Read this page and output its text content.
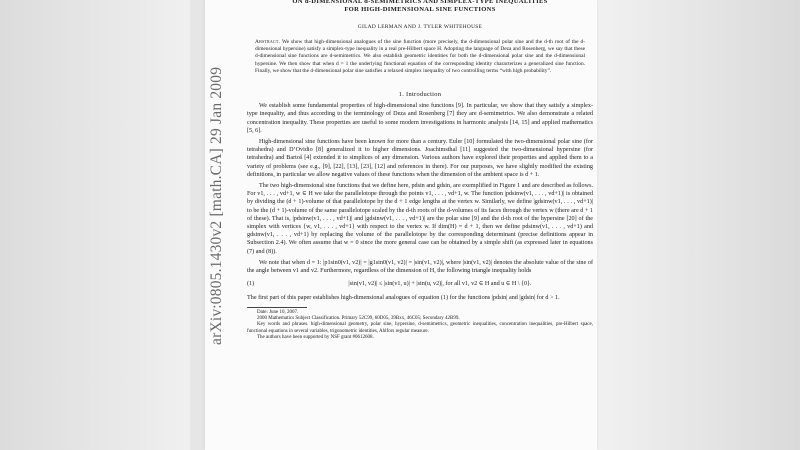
ON d-DIMENSIONAL d-SEMIMETRICS AND SIMPLEX-TYPE INEQUALITIES
FOR HIGH-DIMENSIONAL SINE FUNCTIONS
GILAD LERMAN AND J. TYLER WHITEHOUSE
Abstract. We show that high-dimensional analogues of the sine function (more precisely, the d-dimensional polar sine and the d-th root of the d-dimensional hypersine) satisfy a simplex-type inequality in a real pre-Hilbert space H. Adopting the language of Deza and Rosenberg, we say that these d-dimensional sine functions are d-semimetrics. We also establish geometric identities for both the d-dimensional polar sine and the d-dimensional hypersine. We then show that when d = 1 the underlying functional equation of the corresponding identity characterizes a generalized sine function. Finally, we show that the d-dimensional polar sine satisfies a relaxed simplex inequality of two controlling terms “with high probability”.
1. Introduction

We establish some fundamental properties of high-dimensional sine functions [9]. In particular, we show that they satisfy a simplex-type inequality, and thus according to the terminology of Deza and Rosenberg [7] they are d-semimetrics. We also demonstrate a related concentration inequality. These properties are useful to some modern investigations in harmonic analysis [14, 15] and applied mathematics [5, 6].

High-dimensional sine functions have been known for more than a century. Euler [10] formulated the two-dimensional polar sine (for tetrahedra) and D’Ovidio [8] generalized it to higher dimensions. Joachimsthal [11] suggested the two-dimensional hypersine (for tetrahedra) and Bartoš [4] extended it to simplices of any dimension. Various authors have explored their properties and applied them to a variety of problems (see e.g., [9], [22], [13], [23], [12] and references in there). For our purposes, we have slightly modified the existing definitions, in particular we allow negative values of these functions when the dimension of the ambient space is d + 1.

The two high-dimensional sine functions that we define here, pdsin and gdsin, are exemplified in Figure 1 and are described as follows. For v1, . . . , vd+1, w ∈ H we take the parallelotope through the points v1, . . . , vd+1, w. The function |pdsinw(v1, . . . , vd+1)| is obtained by dividing the (d + 1)-volume of that parallelotope by the d + 1 edge lengths at the vertex w. Similarly, we define |gdsinw(v1, . . . , vd+1)| to be the (d + 1)-volume of the same parallelotope scaled by the d-th roots of the d-volumes of its faces through the vertex w (there are d + 1 of these). That is, |pdsinw(v1, . . . , vd+1)| and |gdsinw(v1, . . . , vd+1)| are the polar sine [9] and the d-th root of the hypersine [20] of the simplex with vertices {w, v1, . . . , vd+1} with respect to the vertex w. If dim(H) = d + 1, then we define pdsinw(v1, . . . , vd+1) and gdsinw(v1, . . . , vd+1) by replacing the volume of the parallelotope by the corresponding determinant (precise definitions appear in Subsection 2.4). We often assume that w = 0 since the more general case can be obtained by a simple shift (as expressed later in equations (7) and (8)).

We note that when d = 1: |p1sin0(v1, v2)| = |g1sin0(v1, v2)| = |sin(v1, v2)|, where |sin(v1, v2)| denotes the absolute value of the sine of the angle between v1 and v2. Furthermore, regardless of the dimension of H, the following triangle inequality holds

(1)	|sin(v1, v2)| ≤ |sin(v1, u)| + |sin(u, v2)|, for all v1, v2 ∈ H and u ∈ H \ {0}.

The first part of this paper establishes high-dimensional analogues of equation (1) for the functions |pdsin| and |gdsin| for d > 1.

Date: June 10, 2007.

2000 Mathematics Subject Classification. Primary 52C99, 60D05, 39Bxx, 46C05; Secondary 42B99.

Key words and phrases. high-dimensional geometry, polar sine, hypersine, d-semimetrics, geometric inequalities, concentration inequalities, pre-Hilbert space, functional equations in several variables, trigonometric identities, Ahlfors regular measure.

The authors have been supported by NSF grant #0612608.

arXiv:0805.1430v2 [math.CA] 29 Jan 2009
